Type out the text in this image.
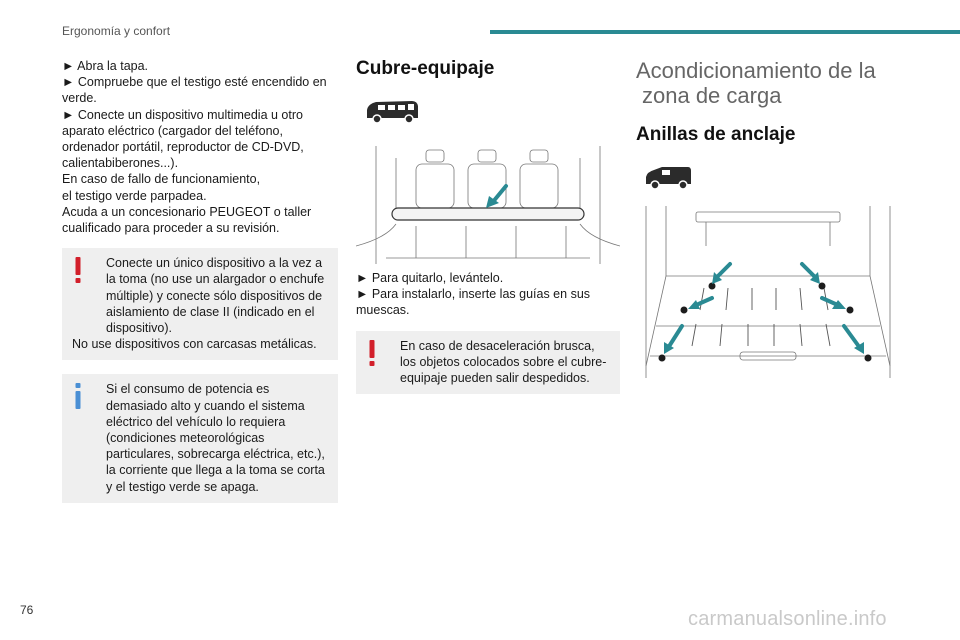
Ergonomía y confort

► Abra la tapa.

► Compruebe que el testigo esté encendido en verde.

► Conecte un dispositivo multimedia u otro aparato eléctrico (cargador del teléfono, ordenador portátil, reproductor de CD-DVD, calientabiberones...).

En caso de fallo de funcionamiento,

el testigo verde parpadea.

Acuda a un concesionario PEUGEOT o taller cualificado para proceder a su revisión.

Conecte un único dispositivo a la vez a la toma (no use un alargador o enchufe múltiple) y conecte sólo dispositivos de aislamiento de clase II (indicado en el dispositivo).

No use dispositivos con carcasas metálicas.

Si el consumo de potencia es demasiado alto y cuando el sistema eléctrico del vehículo lo requiera (condiciones meteorológicas particulares, sobrecarga eléctrica, etc.), la corriente que llega a la toma se corta y el testigo verde se apaga.

Cubre-equipaje

► Para quitarlo, levántelo.

► Para instalarlo, inserte las guías en sus muescas.

En caso de desaceleración brusca, los objetos colocados sobre el cubre-equipaje pueden salir despedidos.

Acondicionamiento de la
zona de carga
Anillas de anclaje
76	carmanualsonline.info
